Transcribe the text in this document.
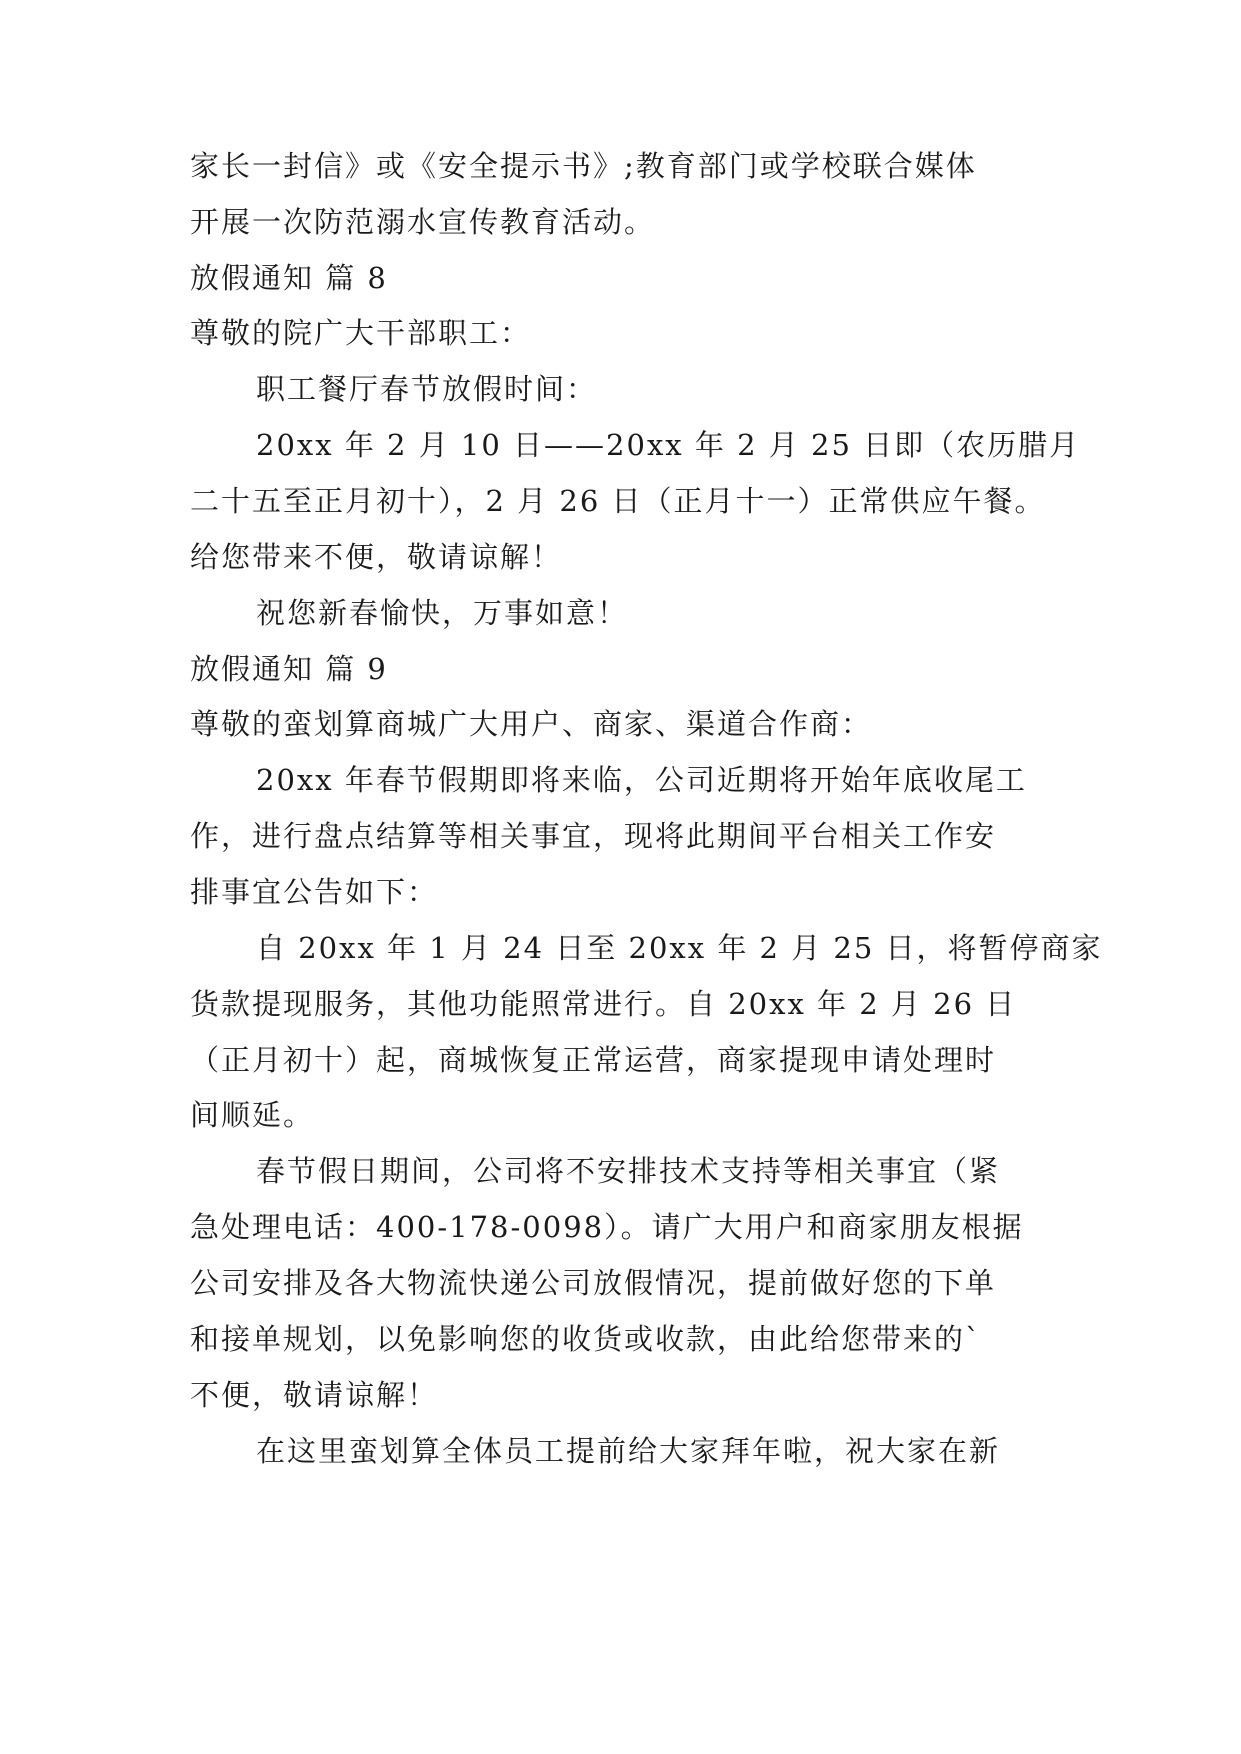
家长一封信》或《安全提示书》;教育部门或学校联合媒体
开展一次防范溺水宣传教育活动。
放假通知 篇 8
尊敬的院广大干部职工：
职工餐厅春节放假时间：
20xx 年 2 月 10 日——20xx 年 2 月 25 日即（农历腊月
二十五至正月初十），2 月 26 日（正月十一）正常供应午餐。
给您带来不便，敬请谅解！
祝您新春愉快，万事如意！
放假通知 篇 9
尊敬的蛮划算商城广大用户、商家、渠道合作商：
20xx 年春节假期即将来临，公司近期将开始年底收尾工
作，进行盘点结算等相关事宜，现将此期间平台相关工作安
排事宜公告如下：
自 20xx 年 1 月 24 日至 20xx 年 2 月 25 日，将暂停商家
货款提现服务，其他功能照常进行。自 20xx 年 2 月 26 日
（正月初十）起，商城恢复正常运营，商家提现申请处理时
间顺延。
春节假日期间，公司将不安排技术支持等相关事宜（紧
急处理电话：400-178-0098）。请广大用户和商家朋友根据
公司安排及各大物流快递公司放假情况，提前做好您的下单
和接单规划，以免影响您的收货或收款，由此给您带来的`
不便，敬请谅解！
在这里蛮划算全体员工提前给大家拜年啦，祝大家在新
